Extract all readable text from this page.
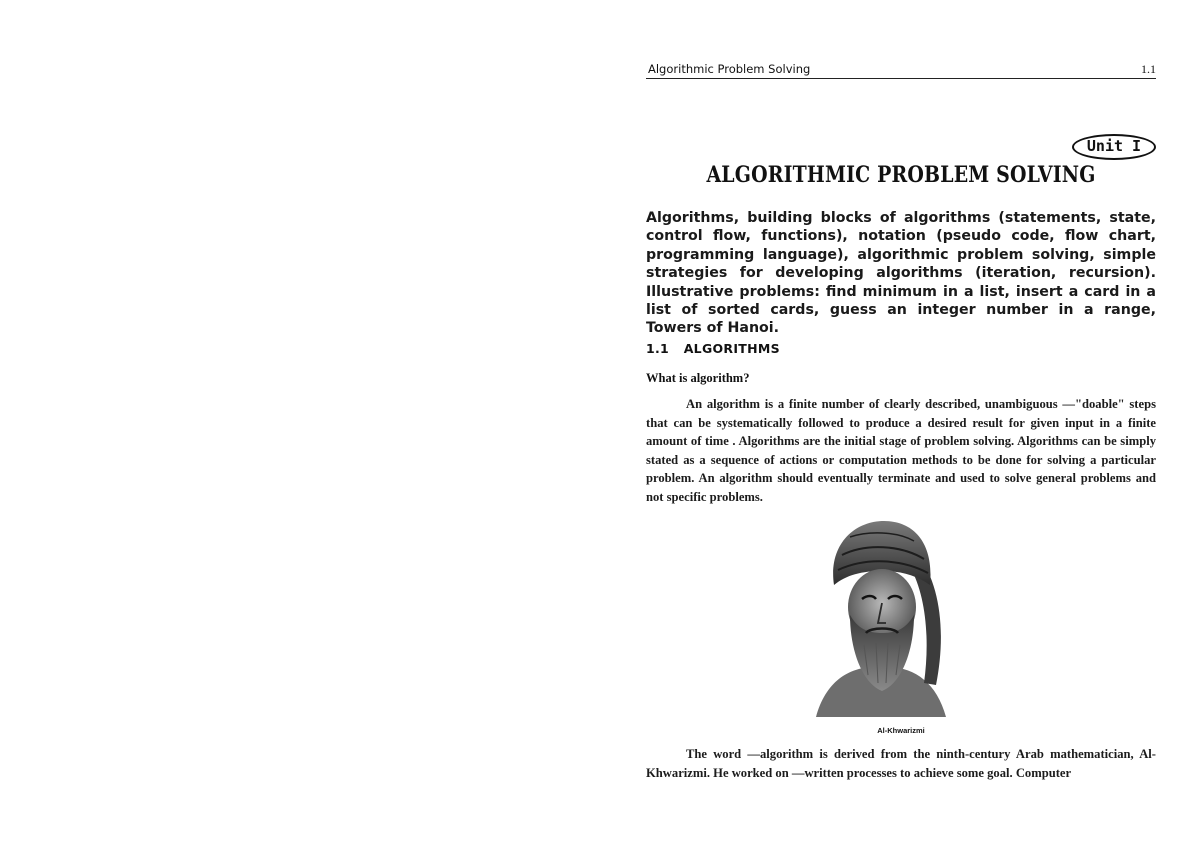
Algorithmic Problem Solving	1.1
Unit I
ALGORITHMIC PROBLEM SOLVING
Algorithms, building blocks of algorithms (statements, state, control flow, functions), notation (pseudo code, flow chart, programming language), algorithmic problem solving, simple strategies for developing algorithms (iteration, recursion). Illustrative problems: find minimum in a list, insert a card in a list of sorted cards, guess an integer number in a range, Towers of Hanoi.
1.1 ALGORITHMS
What is algorithm?
An algorithm is a finite number of clearly described, unambiguous —"doable" steps that can be systematically followed to produce a desired result for given input in a finite amount of time . Algorithms are the initial stage of problem solving. Algorithms can be simply stated as a sequence of actions or computation methods to be done for solving a particular problem. An algorithm should eventually terminate and used to solve general problems and not specific problems.
Al-Khwarizmi
The word —algorithm is derived from the ninth-century Arab mathematician, Al-Khwarizmi. He worked on —written processes to achieve some goal. Computer
